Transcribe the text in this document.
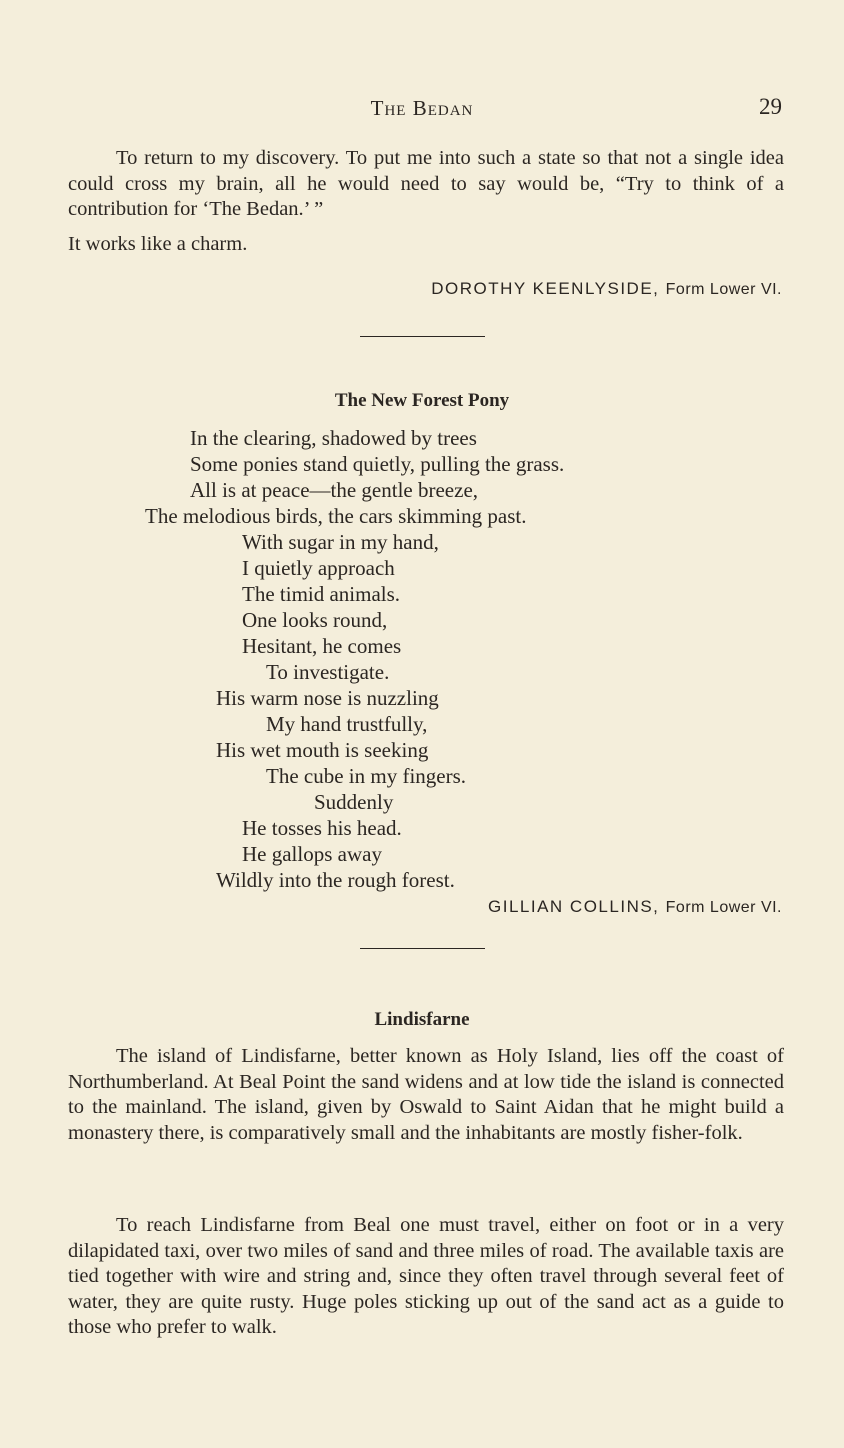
The Bedan	29

To return to my discovery. To put me into such a state so that not a single idea could cross my brain, all he would need to say would be, “Try to think of a contribution for ‘The Bedan.’ ”

It works like a charm.

DOROTHY KEENLYSIDE, Form Lower VI.
The New Forest Pony
In the clearing, shadowed by trees
Some ponies stand quietly, pulling the grass.
All is at peace—the gentle breeze,
The melodious birds, the cars skimming past.
With sugar in my hand,
I quietly approach
The timid animals.
One looks round,
Hesitant, he comes
To investigate.
His warm nose is nuzzling
My hand trustfully,
His wet mouth is seeking
The cube in my fingers.
Suddenly
He tosses his head.
He gallops away
Wildly into the rough forest.
GILLIAN COLLINS, Form Lower VI.
Lindisfarne

The island of Lindisfarne, better known as Holy Island, lies off the coast of Northumberland. At Beal Point the sand widens and at low tide the island is connected to the mainland. The island, given by Oswald to Saint Aidan that he might build a monastery there, is comparatively small and the inhabitants are mostly fisher-folk.

To reach Lindisfarne from Beal one must travel, either on foot or in a very dilapidated taxi, over two miles of sand and three miles of road. The available taxis are tied together with wire and string and, since they often travel through several feet of water, they are quite rusty. Huge poles sticking up out of the sand act as a guide to those who prefer to walk.
